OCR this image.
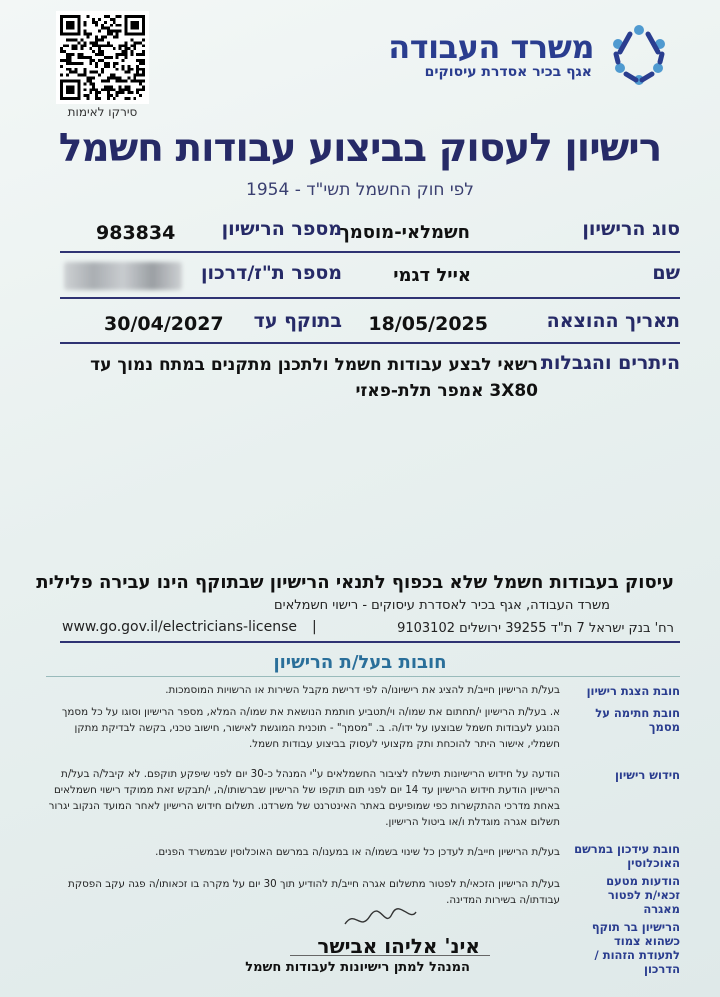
סירקו לאימות
משרד העבודה
אגף בכיר אסדרת עיסוקים
רישיון לעסוק בביצוע עבודות חשמל
לפי חוק החשמל תשי"ד - 1954
סוג הרישיון
חשמלאי-מוסמך
מספר הרישיון
983834
שם
אייל דגמי
מספר ת"ז/דרכון
תאריך ההוצאה
18/05/2025
בתוקף עד
30/04/2027
היתרים והגבלות
רשאי לבצע עבודות חשמל ולתכנן מתקנים במתח נמוך עד 3X80 אמפר תלת-פאזי
עיסוק בעבודות חשמל שלא בכפוף לתנאי הרישיון שבתוקף הינו עבירה פלילית
משרד העבודה, אגף בכיר לאסדרת עיסוקים - רישוי חשמלאים
רח' בנק ישראל 7 ת"ד 39255 ירושלים 9103102
|
www.go.gov.il/electricians-license
חובות בעל/ת הרישיון
חובת הצגת רישיון
בעל/ת הרישיון חייב/ת להציג את רישיונו/ה לפי דרישת מקבל השירות או הרשויות המוסמכות.
חובת חתימה על מסמך
א. בעל/ת הרישיון י/תחתום את שמו/ה וי/תטביע חותמת הנושאת את שמו/ה המלא, מספר הרישיון וסוגו על כל מסמך הנוגע לעבודות חשמל שבוצעו על ידו/ה. ב. "מסמך" - תוכנית המוגשת לאישור, חישוב טכני, בקשה לבדיקת מתקן חשמלי, אישור היתר להוכחת ותק מקצועי לעסוק בביצוע עבודות חשמל.
חידוש רישיון
הודעה על חידוש הרישיונות תישלח לציבור החשמלאים ע"י המנהל כ-30 יום לפני שיפקע תוקפם. לא קיבל/ה בעל/ת הרישיון הודעת חידוש הרישיון עד 14 יום לפני תום תוקפו של הרישיון שברשותו/ה, י/תבקש זאת ממוקד רישוי חשמלאים באחת מדרכי ההתקשרות כפי שמופיעים באתר האינטרנט של משרדנו. תשלום חידוש הרישיון לאחר המועד הנקוב יגרור תשלום אגרה מוגדלת ו/או ביטול הרישיון.
חובת עידכון במרשם האוכלוסין
בעל/ת הרישיון חייב/ת לעדכן כל שינוי בשמו/ה או במענו/ה במרשם האוכלוסין שבמשרד הפנים.
הודעות מטעם זכאי/ת לפטור מאגרה
בעל/ת הרישיון הזכאי/ת לפטור מתשלום אגרה חייב/ת להודיע תוך 30 יום על מקרה בו זכאותו/ה פגה עקב הפסקת עבודתו/ה בשירות המדינה.
הרישיון בר תוקף כשהוא צמוד לתעודת הזהות / הדרכון
אינ' אליהו אבישר
המנהל למתן רישיונות לעבודות חשמל
